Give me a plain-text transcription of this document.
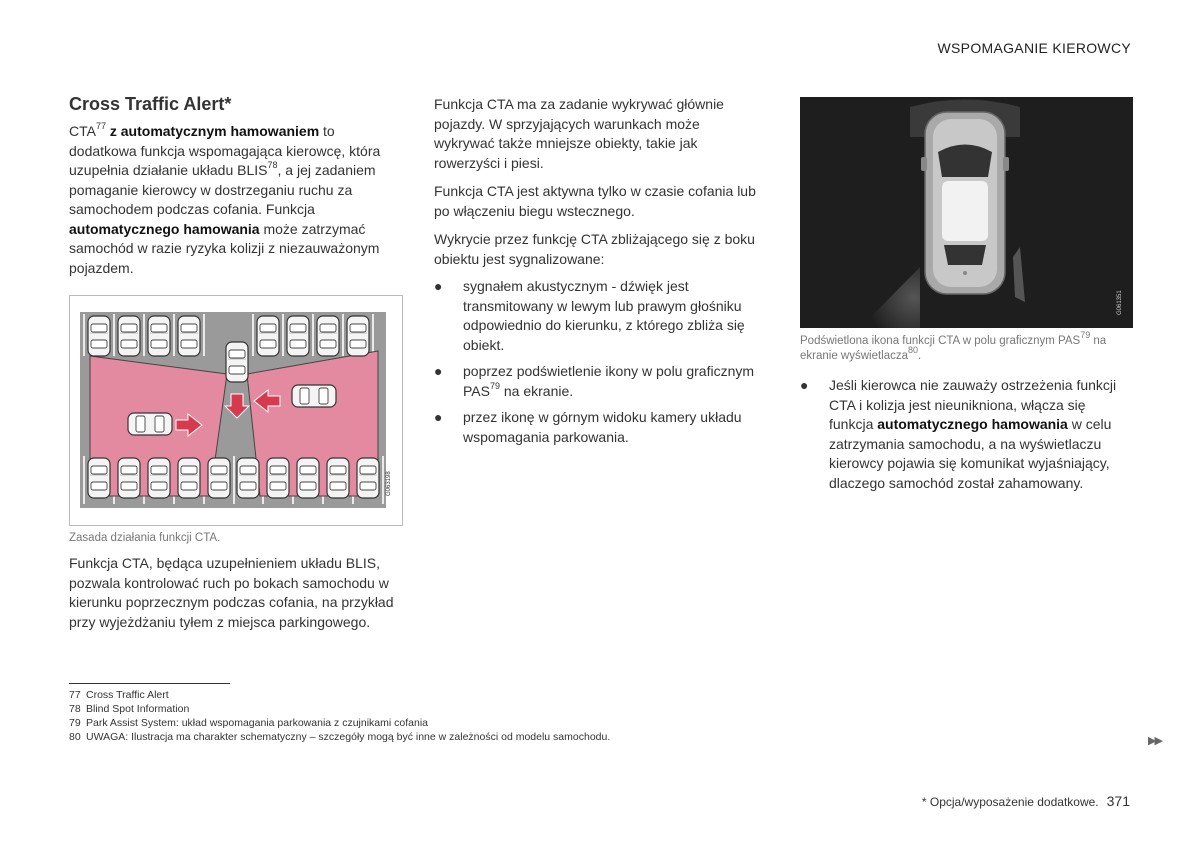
WSPOMAGANIE KIEROWCY
Cross Traffic Alert*

CTA$^{77}$ z automatycznym hamowaniem to dodatkowa funkcja wspomagająca kierowcę, która uzupełnia działanie układu BLIS$^{78}$, a jej zadaniem pomaganie kierowcy w dostrzeganiu ruchu za samochodem podczas cofania. Funkcja automatycznego hamowania może zatrzymać samochód w razie ryzyka kolizji z niezauważonym pojazdem.

G063198
Zasada działania funkcji CTA.

Funkcja CTA, będąca uzupełnieniem układu BLIS, pozwala kontrolować ruch po bokach samochodu w kierunku poprzecznym podczas cofania, na przykład przy wyjeżdżaniu tyłem z miejsca parkingowego.

Funkcja CTA ma za zadanie wykrywać głównie pojazdy. W sprzyjających warunkach może wykrywać także mniejsze obiekty, takie jak rowerzyści i piesi.

Funkcja CTA jest aktywna tylko w czasie cofania lub po włączeniu biegu wstecznego.

Wykrycie przez funkcję CTA zbliżającego się z boku obiektu jest sygnalizowane:

● sygnałem akustycznym - dźwięk jest transmitowany w lewym lub prawym głośniku odpowiednio do kierunku, z którego zbliża się obiekt.
● poprzez podświetlenie ikony w polu graficznym PAS$^{79}$ na ekranie.
● przez ikonę w górnym widoku kamery układu wspomagania parkowania.
G061351
Podświetlona ikona funkcji CTA w polu graficznym PAS$^{79}$ na ekranie wyświetlacza$^{80}$.
● Jeśli kierowca nie zauważy ostrzeżenia funkcji CTA i kolizja jest nieunikniona, włącza się funkcja automatycznego hamowania w celu zatrzymania samochodu, a na wyświetlaczu kierowcy pojawia się komunikat wyjaśniający, dlaczego samochód został zahamowany.
77 Cross Traffic Alert
78 Blind Spot Information
79 Park Assist System: układ wspomagania parkowania z czujnikami cofania
80 UWAGA: Ilustracja ma charakter schematyczny – szczegóły mogą być inne w zależności od modelu samochodu.	▶▶
* Opcja/wyposażenie dodatkowe. 371
